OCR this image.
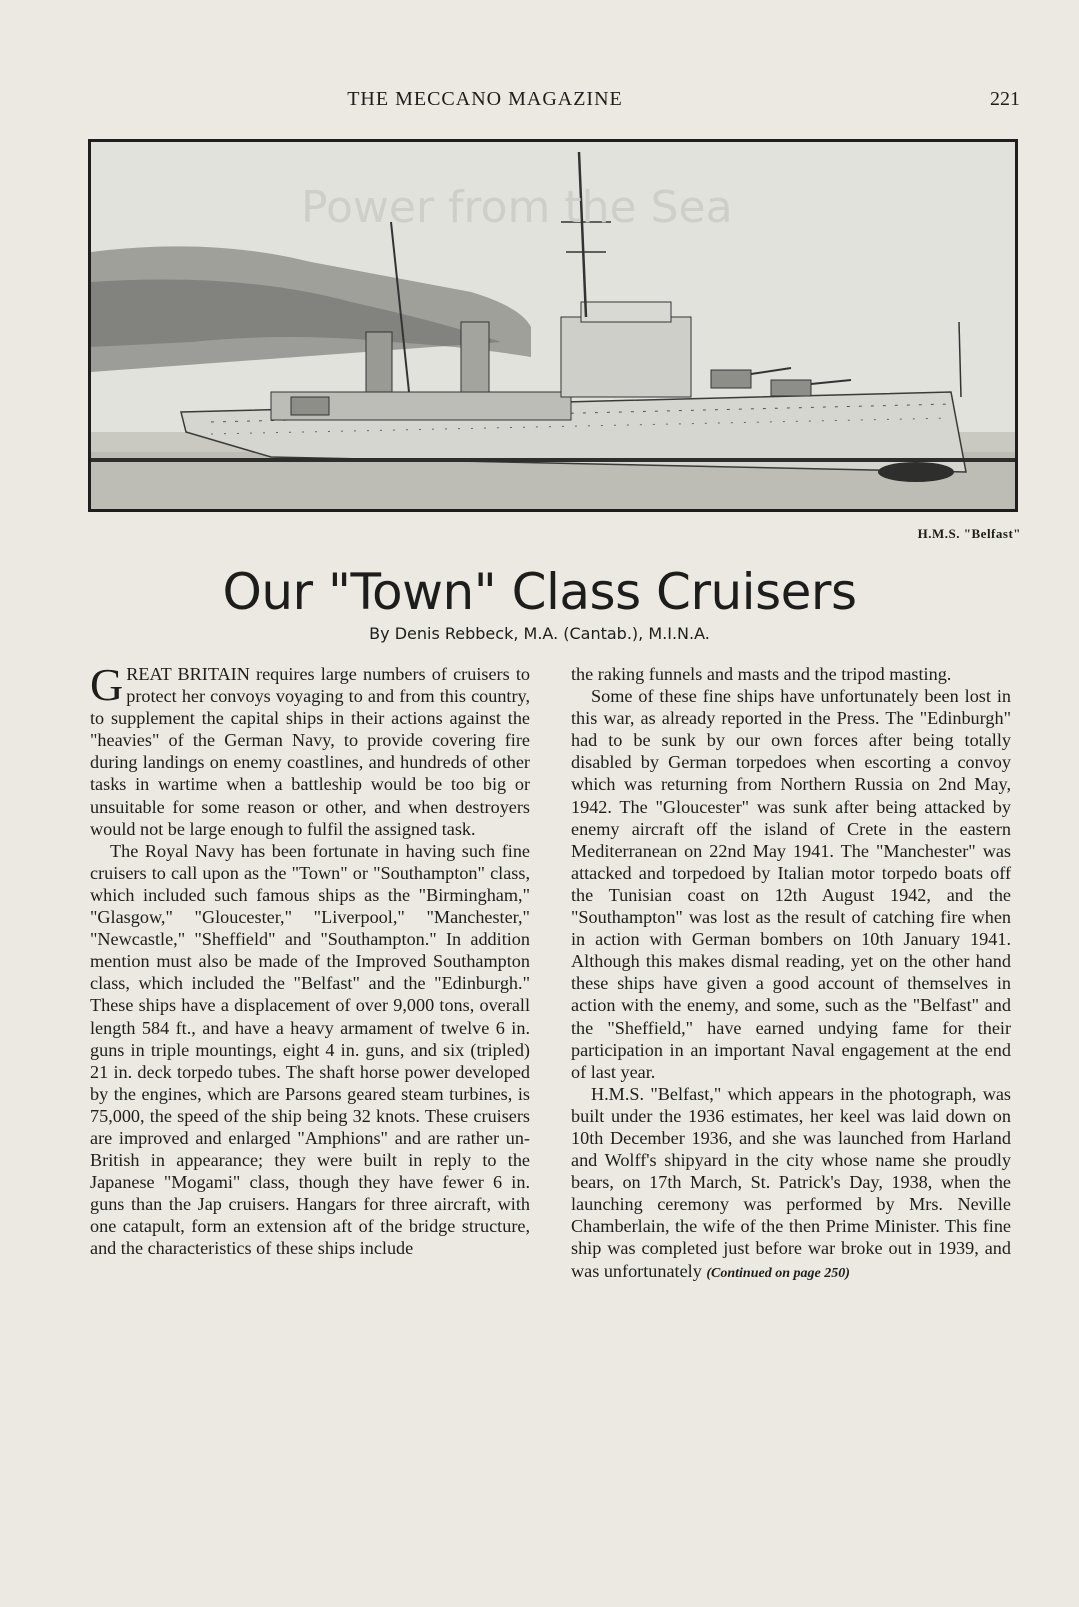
THE MECCANO MAGAZINE	221
Power from the Sea
H.M.S. "Belfast"
Our "Town" Class Cruisers
By Denis Rebbeck, M.A. (Cantab.), M.I.N.A.

GREAT BRITAIN requires large numbers of cruisers to protect her convoys voyaging to and from this country, to supplement the capital ships in their actions against the "heavies" of the German Navy, to provide covering fire during landings on enemy coastlines, and hundreds of other tasks in wartime when a battleship would be too big or unsuitable for some reason or other, and when destroyers would not be large enough to fulfil the assigned task.

The Royal Navy has been fortunate in having such fine cruisers to call upon as the "Town" or "Southampton" class, which included such famous ships as the "Birmingham," "Glasgow," "Gloucester," "Liverpool," "Manchester," "Newcastle," "Sheffield" and "Southampton." In addition mention must also be made of the Improved Southampton class, which included the "Belfast" and the "Edinburgh." These ships have a displacement of over 9,000 tons, overall length 584 ft., and have a heavy armament of twelve 6 in. guns in triple mountings, eight 4 in. guns, and six (tripled) 21 in. deck torpedo tubes. The shaft horse power developed by the engines, which are Parsons geared steam turbines, is 75,000, the speed of the ship being 32 knots. These cruisers are improved and enlarged "Amphions" and are rather un-British in appearance; they were built in reply to the Japanese "Mogami" class, though they have fewer 6 in. guns than the Jap cruisers. Hangars for three aircraft, with one catapult, form an extension aft of the bridge structure, and the characteristics of these ships include

the raking funnels and masts and the tripod masting.

Some of these fine ships have unfortunately been lost in this war, as already reported in the Press. The "Edinburgh" had to be sunk by our own forces after being totally disabled by German torpedoes when escorting a convoy which was returning from Northern Russia on 2nd May, 1942. The "Gloucester" was sunk after being attacked by enemy aircraft off the island of Crete in the eastern Mediterranean on 22nd May 1941. The "Manchester" was attacked and torpedoed by Italian motor torpedo boats off the Tunisian coast on 12th August 1942, and the "Southampton" was lost as the result of catching fire when in action with German bombers on 10th January 1941. Although this makes dismal reading, yet on the other hand these ships have given a good account of themselves in action with the enemy, and some, such as the "Belfast" and the "Sheffield," have earned undying fame for their participation in an important Naval engagement at the end of last year.

H.M.S. "Belfast," which appears in the photograph, was built under the 1936 estimates, her keel was laid down on 10th December 1936, and she was launched from Harland and Wolff's shipyard in the city whose name she proudly bears, on 17th March, St. Patrick's Day, 1938, when the launching ceremony was performed by Mrs. Neville Chamberlain, the wife of the then Prime Minister. This fine ship was completed just before war broke out in 1939, and was unfortunately (Continued on page 250)
